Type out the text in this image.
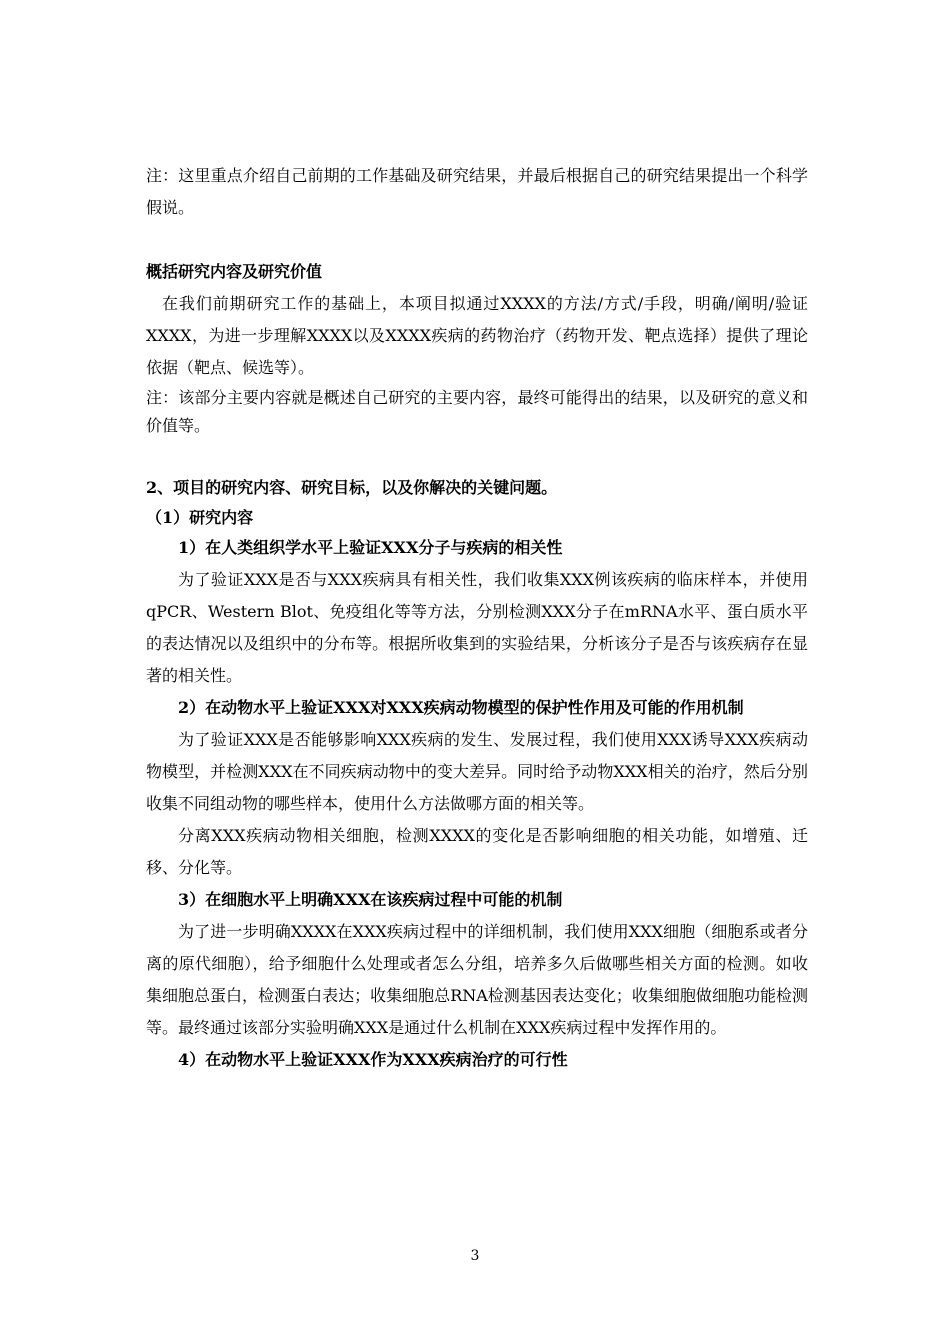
注：这里重点介绍自己前期的工作基础及研究结果，并最后根据自己的研究结果提出一个科学假说。

概括研究内容及研究价值

在我们前期研究工作的基础上，本项目拟通过XXXX的方法/方式/手段，明确/阐明/验证XXXX，为进一步理解XXXX以及XXXX疾病的药物治疗（药物开发、靶点选择）提供了理论依据（靶点、候选等）。

注：该部分主要内容就是概述自己研究的主要内容，最终可能得出的结果，以及研究的意义和价值等。

2、项目的研究内容、研究目标，以及你解决的关键问题。

（1）研究内容

1）在人类组织学水平上验证XXX分子与疾病的相关性

为了验证XXX是否与XXX疾病具有相关性，我们收集XXX例该疾病的临床样本，并使用qPCR、Western Blot、免疫组化等等方法，分别检测XXX分子在mRNA水平、蛋白质水平的表达情况以及组织中的分布等。根据所收集到的实验结果，分析该分子是否与该疾病存在显著的相关性。

2）在动物水平上验证XXX对XXX疾病动物模型的保护性作用及可能的作用机制

为了验证XXX是否能够影响XXX疾病的发生、发展过程，我们使用XXX诱导XXX疾病动物模型，并检测XXX在不同疾病动物中的变大差异。同时给予动物XXX相关的治疗，然后分别收集不同组动物的哪些样本，使用什么方法做哪方面的相关等。

分离XXX疾病动物相关细胞，检测XXXX的变化是否影响细胞的相关功能，如增殖、迁移、分化等。

3）在细胞水平上明确XXX在该疾病过程中可能的机制

为了进一步明确XXXX在XXX疾病过程中的详细机制，我们使用XXX细胞（细胞系或者分离的原代细胞），给予细胞什么处理或者怎么分组，培养多久后做哪些相关方面的检测。如收集细胞总蛋白，检测蛋白表达；收集细胞总RNA检测基因表达变化；收集细胞做细胞功能检测等。最终通过该部分实验明确XXX是通过什么机制在XXX疾病过程中发挥作用的。

4）在动物水平上验证XXX作为XXX疾病治疗的可行性

3
